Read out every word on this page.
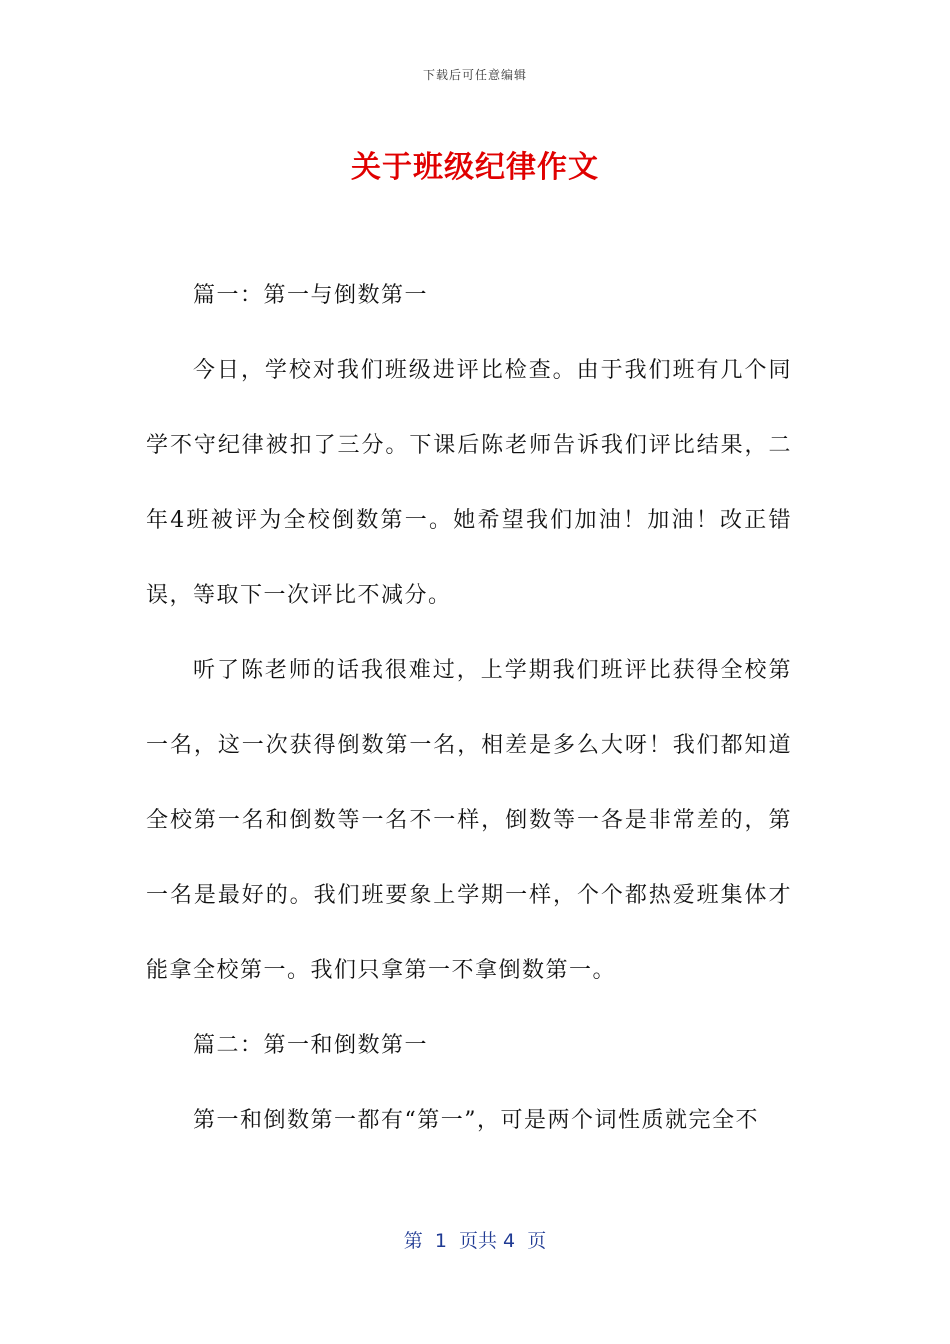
下载后可任意编辑
关于班级纪律作文

篇一：第一与倒数第一

今日，学校对我们班级进评比检查。由于我们班有几个同学不守纪律被扣了三分。下课后陈老师告诉我们评比结果，二年4班被评为全校倒数第一。她希望我们加油！加油！改正错误，等取下一次评比不减分。

听了陈老师的话我很难过，上学期我们班评比获得全校第一名，这一次获得倒数第一名，相差是多么大呀！我们都知道全校第一名和倒数等一名不一样，倒数等一各是非常差的，第一名是最好的。我们班要象上学期一样，个个都热爱班集体才能拿全校第一。我们只拿第一不拿倒数第一。

篇二：第一和倒数第一

第一和倒数第一都有“第一”，可是两个词性质就完全不

第  1  页共 4  页
